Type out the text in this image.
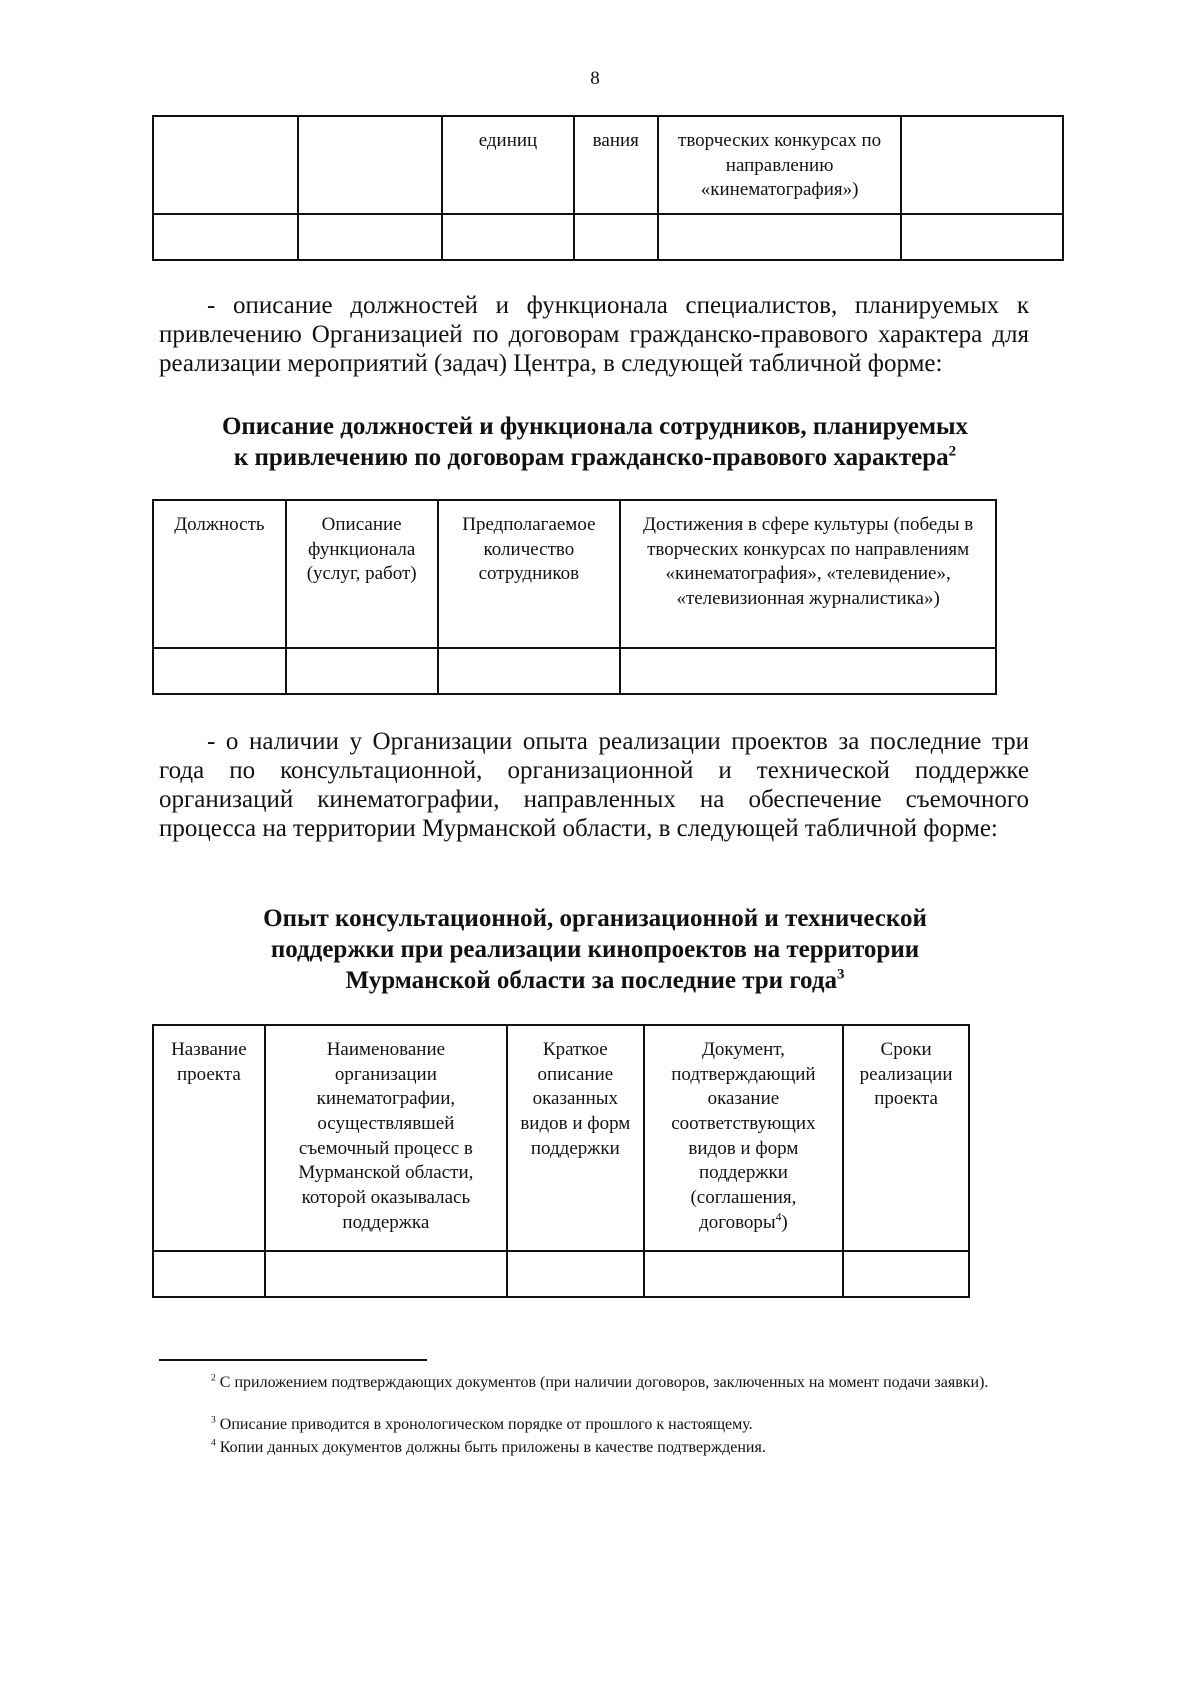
8
		единиц	вания	творческих конкурсах по направлению «кинематография»)	

- описание должностей и функционала специалистов, планируемых к привлечению Организацией по договорам гражданско-правового характера для реализации мероприятий (задач) Центра, в следующей табличной форме:
Описание должностей и функционала сотрудников, планируемых
к привлечению по договорам гражданско-правового характера$^2$
Должность	Описание функционала (услуг, работ)	Предполагаемое количество сотрудников	Достижения в сфере культуры (победы в творческих конкурсах по направлениям «кинематография», «телевидение», «телевизионная журналистика»)

- о наличии у Организации опыта реализации проектов за последние три года по консультационной, организационной и технической поддержке организаций кинематографии, направленных на обеспечение съемочного процесса на территории Мурманской области, в следующей табличной форме:
Опыт консультационной, организационной и технической
поддержки при реализации кинопроектов на территории
Мурманской области за последние три года$^3$
Название проекта	Наименование организации кинематографии, осуществлявшей съемочный процесс в Мурманской области, которой оказывалась поддержка	Краткое описание оказанных видов и форм поддержки	Документ, подтверждающий оказание соответствующих видов и форм поддержки (соглашения, договоры$^4$)	Сроки реализации проекта

$^2$ С приложением подтверждающих документов (при наличии договоров, заключенных на момент подачи заявки).
$^3$ Описание приводится в хронологическом порядке от прошлого к настоящему.
$^4$ Копии данных документов должны быть приложены в качестве подтверждения.
